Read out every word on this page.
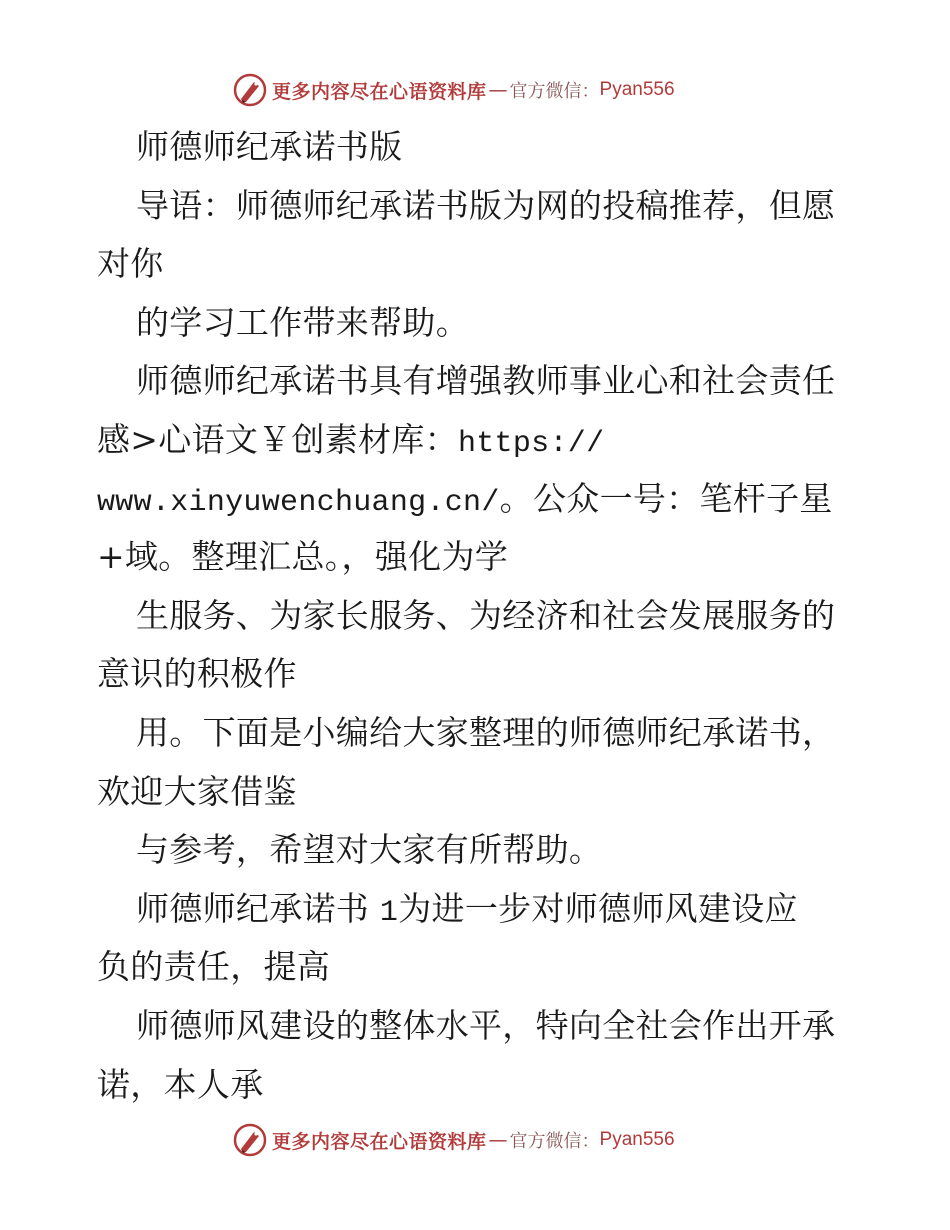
更多内容尽在心语资料库 — 官方微信： Pyan556
师德师纪承诺书版
导语：师德师纪承诺书版为网的投稿推荐，但愿
对你
的学习工作带来帮助。
师德师纪承诺书具有增强教师事业心和社会责任
感>心语文￥创素材库：https://
www.xinyuwenchuang.cn/。公众一号：笔杆子星
+域。整理汇总。，强化为学
生服务、为家长服务、为经济和社会发展服务的
意识的积极作
用。下面是小编给大家整理的师德师纪承诺书，
欢迎大家借鉴
与参考，希望对大家有所帮助。
师德师纪承诺书 1为进一步对师德师风建设应
负的责任，提高
师德师风建设的整体水平，特向全社会作出开承
诺，本人承
更多内容尽在心语资料库 — 官方微信： Pyan556
